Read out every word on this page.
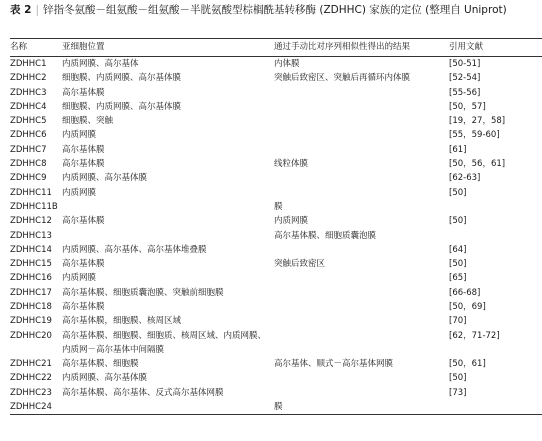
表 2 | 锌指冬氨酸－组氨酸－组氨酸－半胱氨酸型棕榈酰基转移酶 (ZDHHC) 家族的定位 (整理自 Uniprot)

名称	亚细胞位置	通过手动比对序列相似性得出的结果	引用文献
ZDHHC1	内质网膜、高尔基体	内体膜	[50-51]
ZDHHC2	细胞膜、内质网膜、高尔基体膜	突触后致密区、突触后再循环内体膜	[52-54]
ZDHHC3	高尔基体膜		[55-56]
ZDHHC4	细胞膜、内质网膜、高尔基体膜		[50，57]
ZDHHC5	细胞膜、突触		[19，27，58]
ZDHHC6	内质网膜		[55，59-60]
ZDHHC7	高尔基体膜		[61]
ZDHHC8	高尔基体膜	线粒体膜	[50，56，61]
ZDHHC9	内质网膜、高尔基体膜		[62-63]
ZDHHC11	内质网膜		[50]
ZDHHC11B		膜	
ZDHHC12	高尔基体膜	内质网膜	[50]
ZDHHC13		高尔基体膜、细胞质囊泡膜	
ZDHHC14	内质网膜、高尔基体、高尔基体堆叠膜		[64]
ZDHHC15	高尔基体膜	突触后致密区	[50]
ZDHHC16	内质网膜		[65]
ZDHHC17	高尔基体膜、细胞质囊泡膜、突触前细胞膜		[66-68]
ZDHHC18	高尔基体膜		[50，69]
ZDHHC19	高尔基体膜，细胞膜、核周区域		[70]
ZDHHC20	高尔基体膜、细胞膜、细胞质、核周区域、内质网膜、内质网－高尔基体中间隔膜		[62，71-72]
ZDHHC21	高尔基体膜、细胞膜	高尔基体、顺式－高尔基体网膜	[50，61]
ZDHHC22	内质网膜、高尔基体膜		[50]
ZDHHC23	高尔基体膜、高尔基体、反式高尔基体网膜		[73]
ZDHHC24		膜	
